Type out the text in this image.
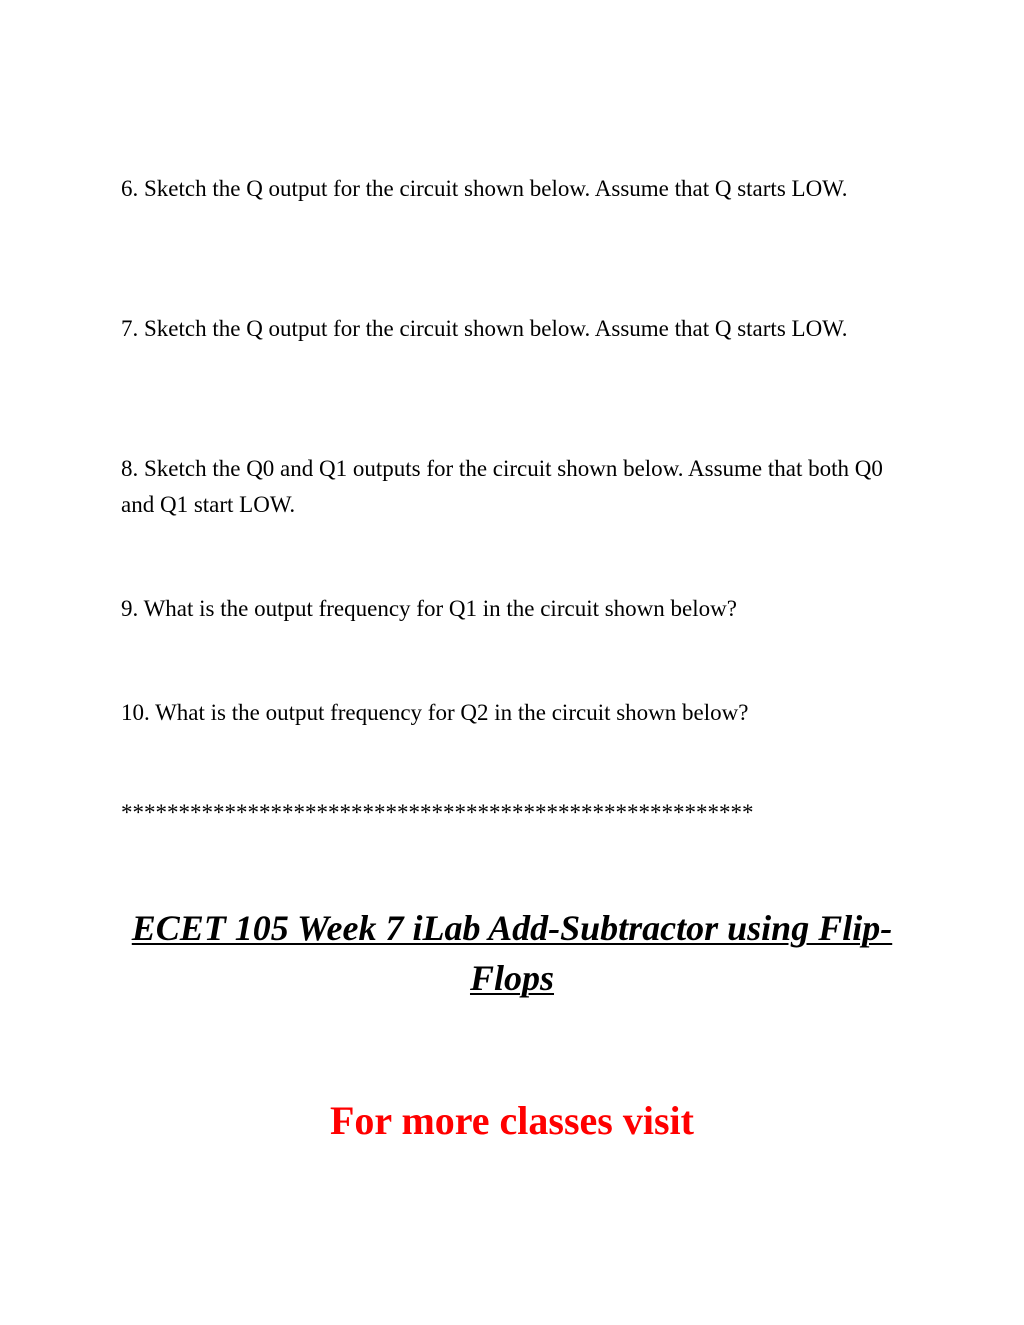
6. Sketch the Q output for the circuit shown below. Assume that Q starts LOW.

7. Sketch the Q output for the circuit shown below. Assume that Q starts LOW.

8. Sketch the Q0 and Q1 outputs for the circuit shown below. Assume that both Q0 and Q1 start LOW.

9. What is the output frequency for Q1 in the circuit shown below?

10. What is the output frequency for Q2 in the circuit shown below?

*******************************************************
ECET 105 Week 7 iLab Add-Subtractor using Flip-Flops
For more classes visit
